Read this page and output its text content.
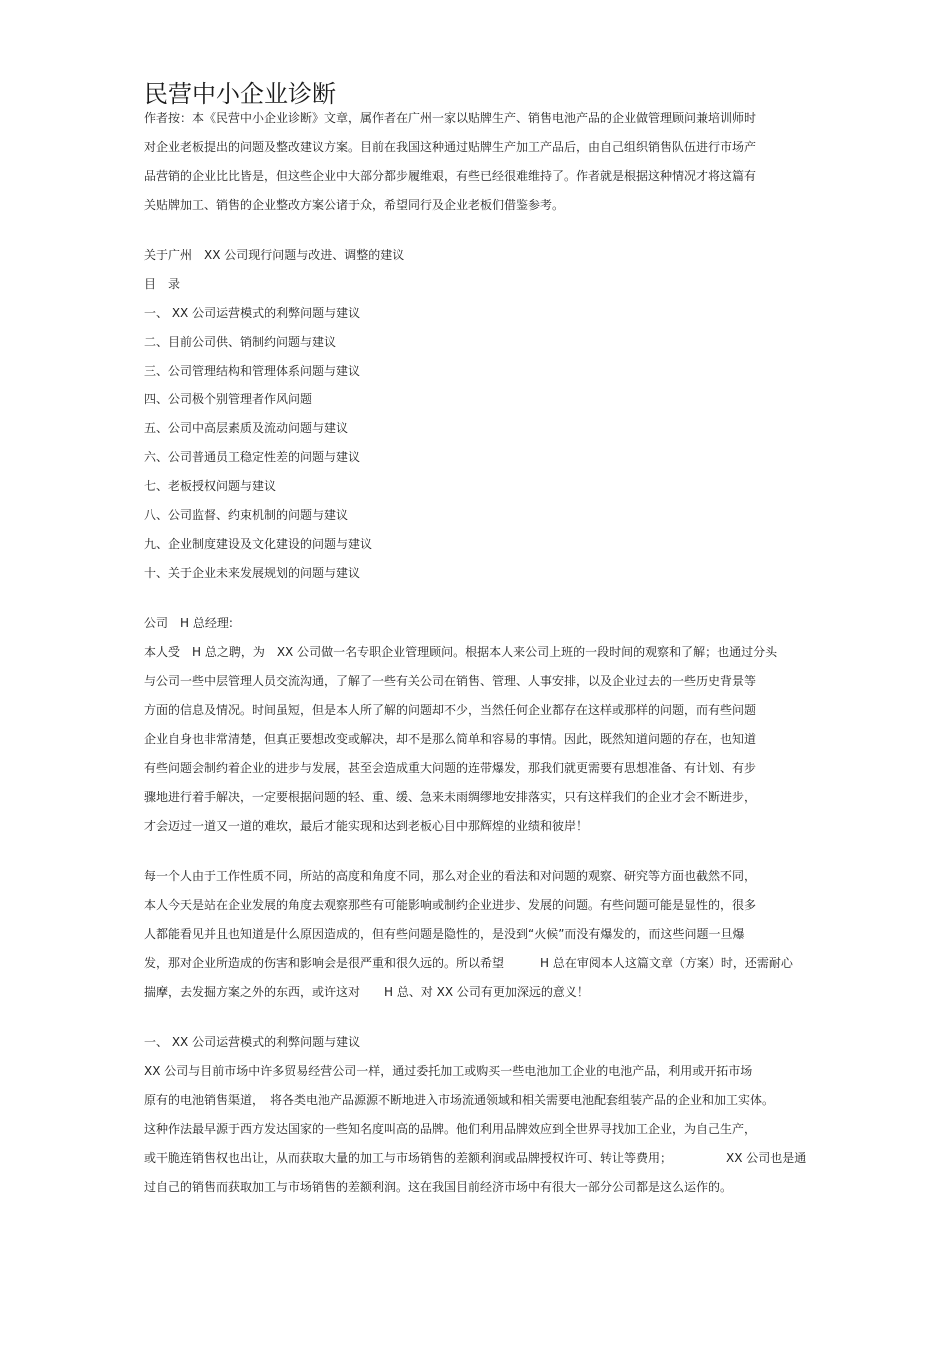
民营中小企业诊断
作者按：本《民营中小企业诊断》文章，属作者在广州一家以贴牌生产、销售电池产品的企业做管理顾问兼培训师时
对企业老板提出的问题及整改建议方案。目前在我国这种通过贴牌生产加工产品后，由自己组织销售队伍进行市场产
品营销的企业比比皆是，但这些企业中大部分都步履维艰，有些已经很难维持了。作者就是根据这种情况才将这篇有
关贴牌加工、销售的企业整改方案公诸于众，希望同行及企业老板们借鉴参考。
关于广州　XX 公司现行问题与改进、调整的建议
目　录
一、 XX 公司运营模式的利弊问题与建议
二、目前公司供、销制约问题与建议
三、公司管理结构和管理体系问题与建议
四、公司极个别管理者作风问题
五、公司中高层素质及流动问题与建议
六、公司普通员工稳定性差的问题与建议
七、老板授权问题与建议
八、公司监督、约束机制的问题与建议
九、企业制度建设及文化建设的问题与建议
十、关于企业未来发展规划的问题与建议
公司　H 总经理:
本人受　H 总之聘，为　XX 公司做一名专职企业管理顾问。根据本人来公司上班的一段时间的观察和了解；也通过分头
与公司一些中层管理人员交流沟通，了解了一些有关公司在销售、管理、人事安排，以及企业过去的一些历史背景等
方面的信息及情况。时间虽短，但是本人所了解的问题却不少，当然任何企业都存在这样或那样的问题，而有些问题
企业自身也非常清楚，但真正要想改变或解决，却不是那么简单和容易的事情。因此，既然知道问题的存在，也知道
有些问题会制约着企业的进步与发展，甚至会造成重大问题的连带爆发，那我们就更需要有思想准备、有计划、有步
骤地进行着手解决，一定要根据问题的轻、重、缓、急来未雨绸缪地安排落实，只有这样我们的企业才会不断进步，
才会迈过一道又一道的难坎，最后才能实现和达到老板心目中那辉煌的业绩和彼岸！
每一个人由于工作性质不同，所站的高度和角度不同，那么对企业的看法和对问题的观察、研究等方面也截然不同，
本人今天是站在企业发展的角度去观察那些有可能影响或制约企业进步、发展的问题。有些问题可能是显性的，很多
人都能看见并且也知道是什么原因造成的，但有些问题是隐性的，是没到“火候”而没有爆发的，而这些问题一旦爆
发，那对企业所造成的伤害和影响会是很严重和很久远的。所以希望　　　H 总在审阅本人这篇文章（方案）时，还需耐心
揣摩，去发掘方案之外的东西，或许这对　　H 总、对 XX 公司有更加深远的意义！
一、 XX 公司运营模式的利弊问题与建议
XX 公司与目前市场中许多贸易经营公司一样，通过委托加工或购买一些电池加工企业的电池产品，利用或开拓市场
原有的电池销售渠道，　将各类电池产品源源不断地进入市场流通领域和相关需要电池配套组装产品的企业和加工实体。
这种作法最早源于西方发达国家的一些知名度叫高的品牌。他们利用品牌效应到全世界寻找加工企业，为自己生产，
或干脆连销售权也出让，从而获取大量的加工与市场销售的差额利润或品牌授权许可、转让等费用；　　　　　XX 公司也是通
过自己的销售而获取加工与市场销售的差额利润。这在我国目前经济市场中有很大一部分公司都是这么运作的。
